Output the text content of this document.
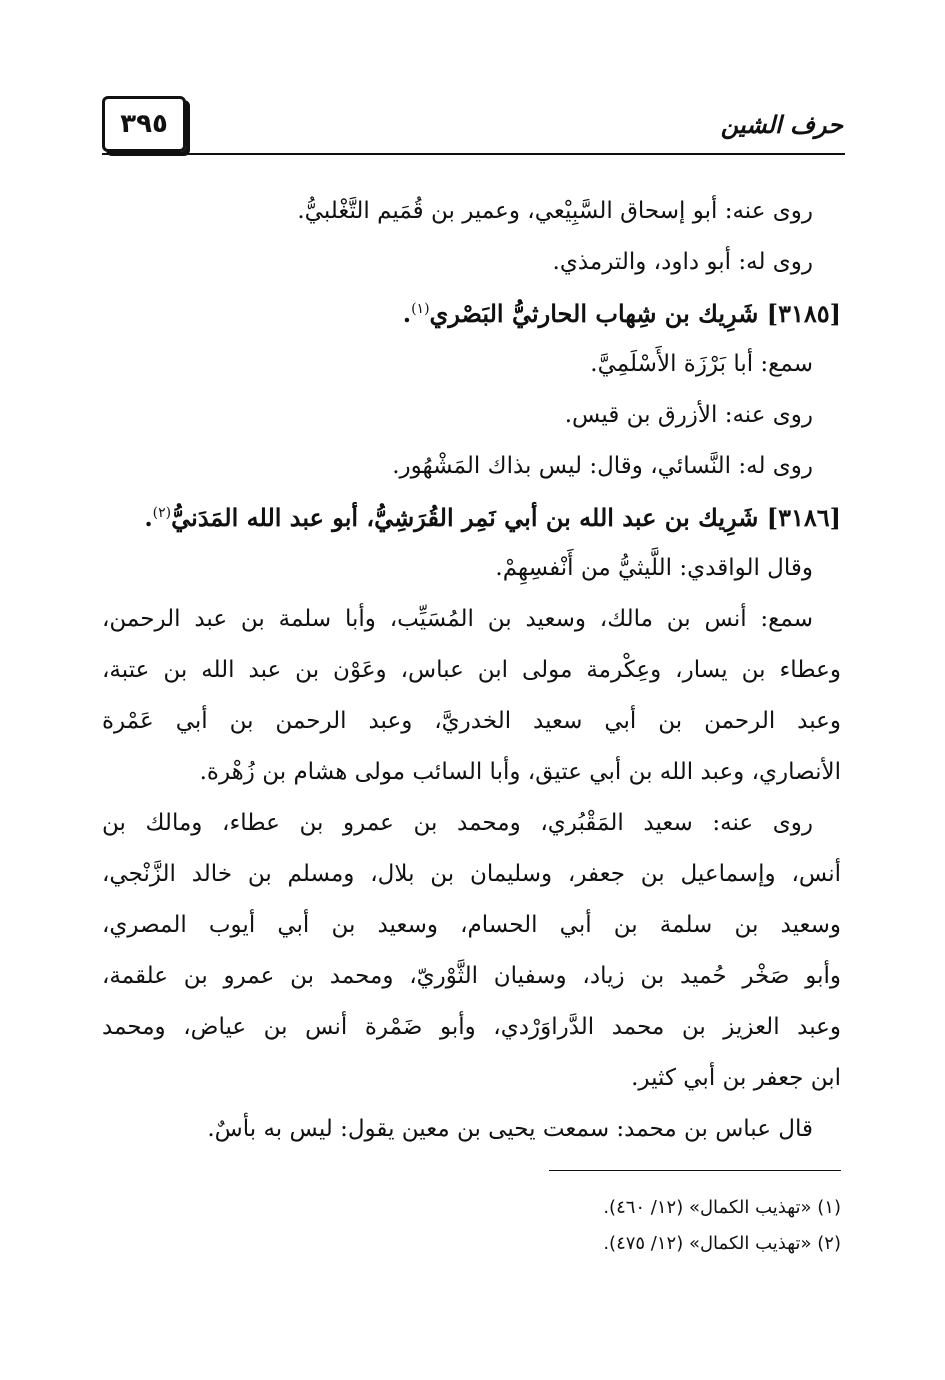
٣٩٥	حرف الشين
روى عنه: أبو إسحاق السَّبِيْعي، وعمير بن قُمَيم التَّغْلبيُّ.
روى له: أبو داود، والترمذي.
[٣١٨٥] شَرِيك بن شِهاب الحارثيُّ البَصْري$^{(١)}$.
سمع: أبا بَرْزَة الأَسْلَمِيَّ.
روى عنه: الأزرق بن قيس.
روى له: النَّسائي، وقال: ليس بذاك المَشْهُور.
[٣١٨٦] شَرِيك بن عبد الله بن أبي نَمِر القُرَشِيُّ، أبو عبد الله المَدَنيُّ$^{(٢)}$.
وقال الواقدي: اللَّيثيُّ من أَنْفسِهِمْ.
سمع: أنس بن مالك، وسعيد بن المُسَيِّب، وأبا سلمة بن عبد الرحمن،
وعطاء بن يسار، وعِكْرمة مولى ابن عباس، وعَوْن بن عبد الله بن عتبة،
وعبد الرحمن بن أبي سعيد الخدريَّ، وعبد الرحمن بن أبي عَمْرة
الأنصاري، وعبد الله بن أبي عتيق، وأبا السائب مولى هشام بن زُهْرة.
روى عنه: سعيد المَقْبُري، ومحمد بن عمرو بن عطاء، ومالك بن
أنس، وإسماعيل بن جعفر، وسليمان بن بلال، ومسلم بن خالد الزَّنْجي،
وسعيد بن سلمة بن أبي الحسام، وسعيد بن أبي أيوب المصري،
وأبو صَخْر حُميد بن زياد، وسفيان الثَّوْريّ، ومحمد بن عمرو بن علقمة،
وعبد العزيز بن محمد الدَّراوَرْدي، وأبو ضَمْرة أنس بن عياض، ومحمد
ابن جعفر بن أبي كثير.
قال عباس بن محمد: سمعت يحيى بن معين يقول: ليس به بأسٌ.
(١) «تهذيب الكمال» (١٢/ ٤٦٠).
(٢) «تهذيب الكمال» (١٢/ ٤٧٥).
